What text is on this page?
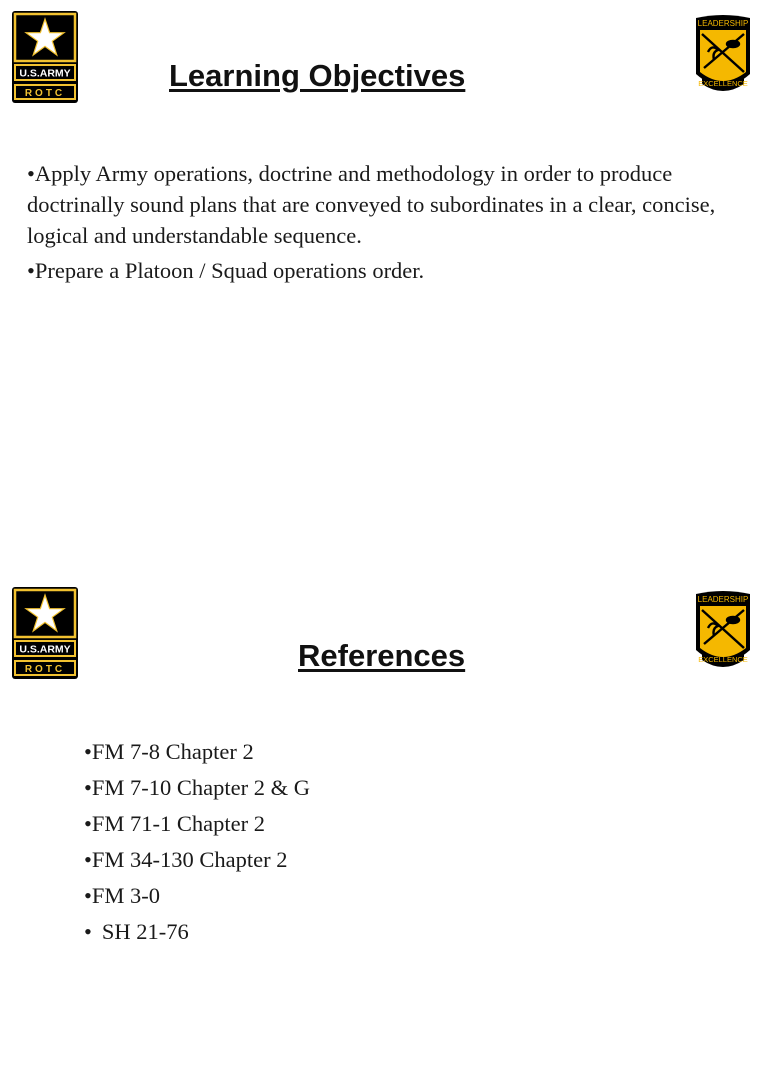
U.S.ARMY
ROTC
LEADERSHIP
EXCELLENCE
Learning Objectives
•Apply Army operations, doctrine and methodology in order to produce doctrinally sound plans that are conveyed to subordinates in a clear, concise, logical and understandable sequence.
•Prepare a Platoon / Squad operations order.
U.S.ARMY
ROTC
LEADERSHIP
EXCELLENCE
References
•FM 7-8 Chapter 2
•FM 7-10 Chapter 2 & G
•FM 71-1 Chapter 2
•FM 34-130 Chapter 2
•FM 3-0
• SH 21-76
